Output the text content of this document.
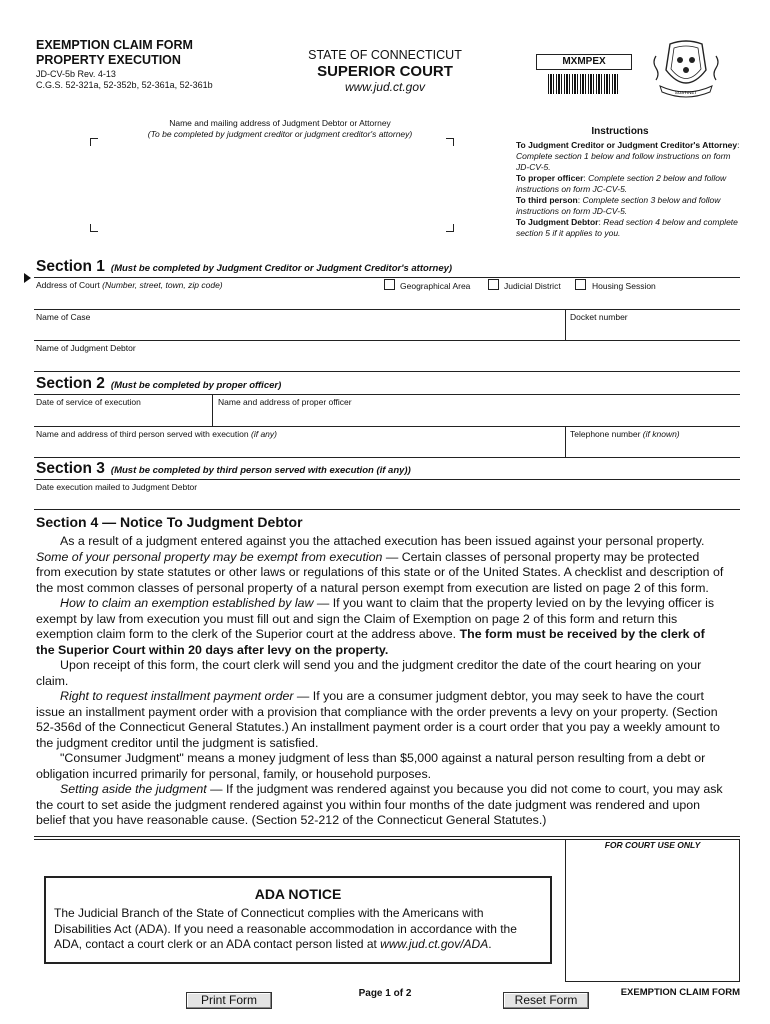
EXEMPTION CLAIM FORM
PROPERTY EXECUTION
JD-CV-5b Rev. 4-13
C.G.S. 52-321a, 52-352b, 52-361a, 52-361b
STATE OF CONNECTICUT
SUPERIOR COURT
www.jud.ct.gov
MXMPEX
SUSTINET
Name and mailing address of Judgment Debtor or Attorney
(To be completed by judgment creditor or judgment creditor's attorney)	Instructions
To Judgment Creditor or Judgment Creditor's Attorney: Complete section 1 below and follow instructions on form JD-CV-5.
To proper officer: Complete section 2 below and follow instructions on form JC-CV-5.
To third person: Complete section 3 below and follow instructions on form JD-CV-5.
To Judgment Debtor: Read section 4 below and complete section 5 if it applies to you.
Section 1 (Must be completed by Judgment Creditor or Judgment Creditor's attorney)
Address of Court (Number, street, town, zip code)	Geographical Area	Judicial District	Housing Session
Name of Case	Docket number
Name of Judgment Debtor
Section 2 (Must be completed by proper officer)
Date of service of execution	Name and address of proper officer
Name and address of third person served with execution (if any)	Telephone number (if known)
Section 3 (Must be completed by third person served with execution (if any))
Date execution mailed to Judgment Debtor
Section 4 — Notice To Judgment Debtor

As a result of a judgment entered against you the attached execution has been issued against your personal property.

Some of your personal property may be exempt from execution — Certain classes of personal property may be protected

from execution by state statutes or other laws or regulations of this state or of the United States. A checklist and description of

the most common classes of personal property of a natural person exempt from execution are listed on page 2 of this form.

How to claim an exemption established by law — If you want to claim that the property levied on by the levying officer is

exempt by law from execution you must fill out and sign the Claim of Exemption on page 2 of this form and return this

exemption claim form to the clerk of the Superior court at the address above. The form must be received by the clerk of

the Superior Court within 20 days after levy on the property.

Upon receipt of this form, the court clerk will send you and the judgment creditor the date of the court hearing on your

claim.

Right to request installment payment order — If you are a consumer judgment debtor, you may seek to have the court

issue an installment payment order with a provision that compliance with the order prevents a levy on your property. (Section

52-356d of the Connecticut General Statutes.) An installment payment order is a court order that you pay a weekly amount to

the judgment creditor until the judgment is satisfied.

"Consumer Judgment" means a money judgment of less than $5,000 against a natural person resulting from a debt or

obligation incurred primarily for personal, family, or household purposes.

Setting aside the judgment — If the judgment was rendered against you because you did not come to court, you may ask

the court to set aside the judgment rendered against you within four months of the date judgment was rendered and upon

belief that you have reasonable cause. (Section 52-212 of the Connecticut General Statutes.)

FOR COURT USE ONLY
ADA NOTICE

The Judicial Branch of the State of Connecticut complies with the Americans with

Disabilities Act (ADA). If you need a reasonable accommodation in accordance with the

ADA, contact a court clerk or an ADA contact person listed at www.jud.ct.gov/ADA.

Print Form	Page 1 of 2	Reset Form
EXEMPTION CLAIM FORM
